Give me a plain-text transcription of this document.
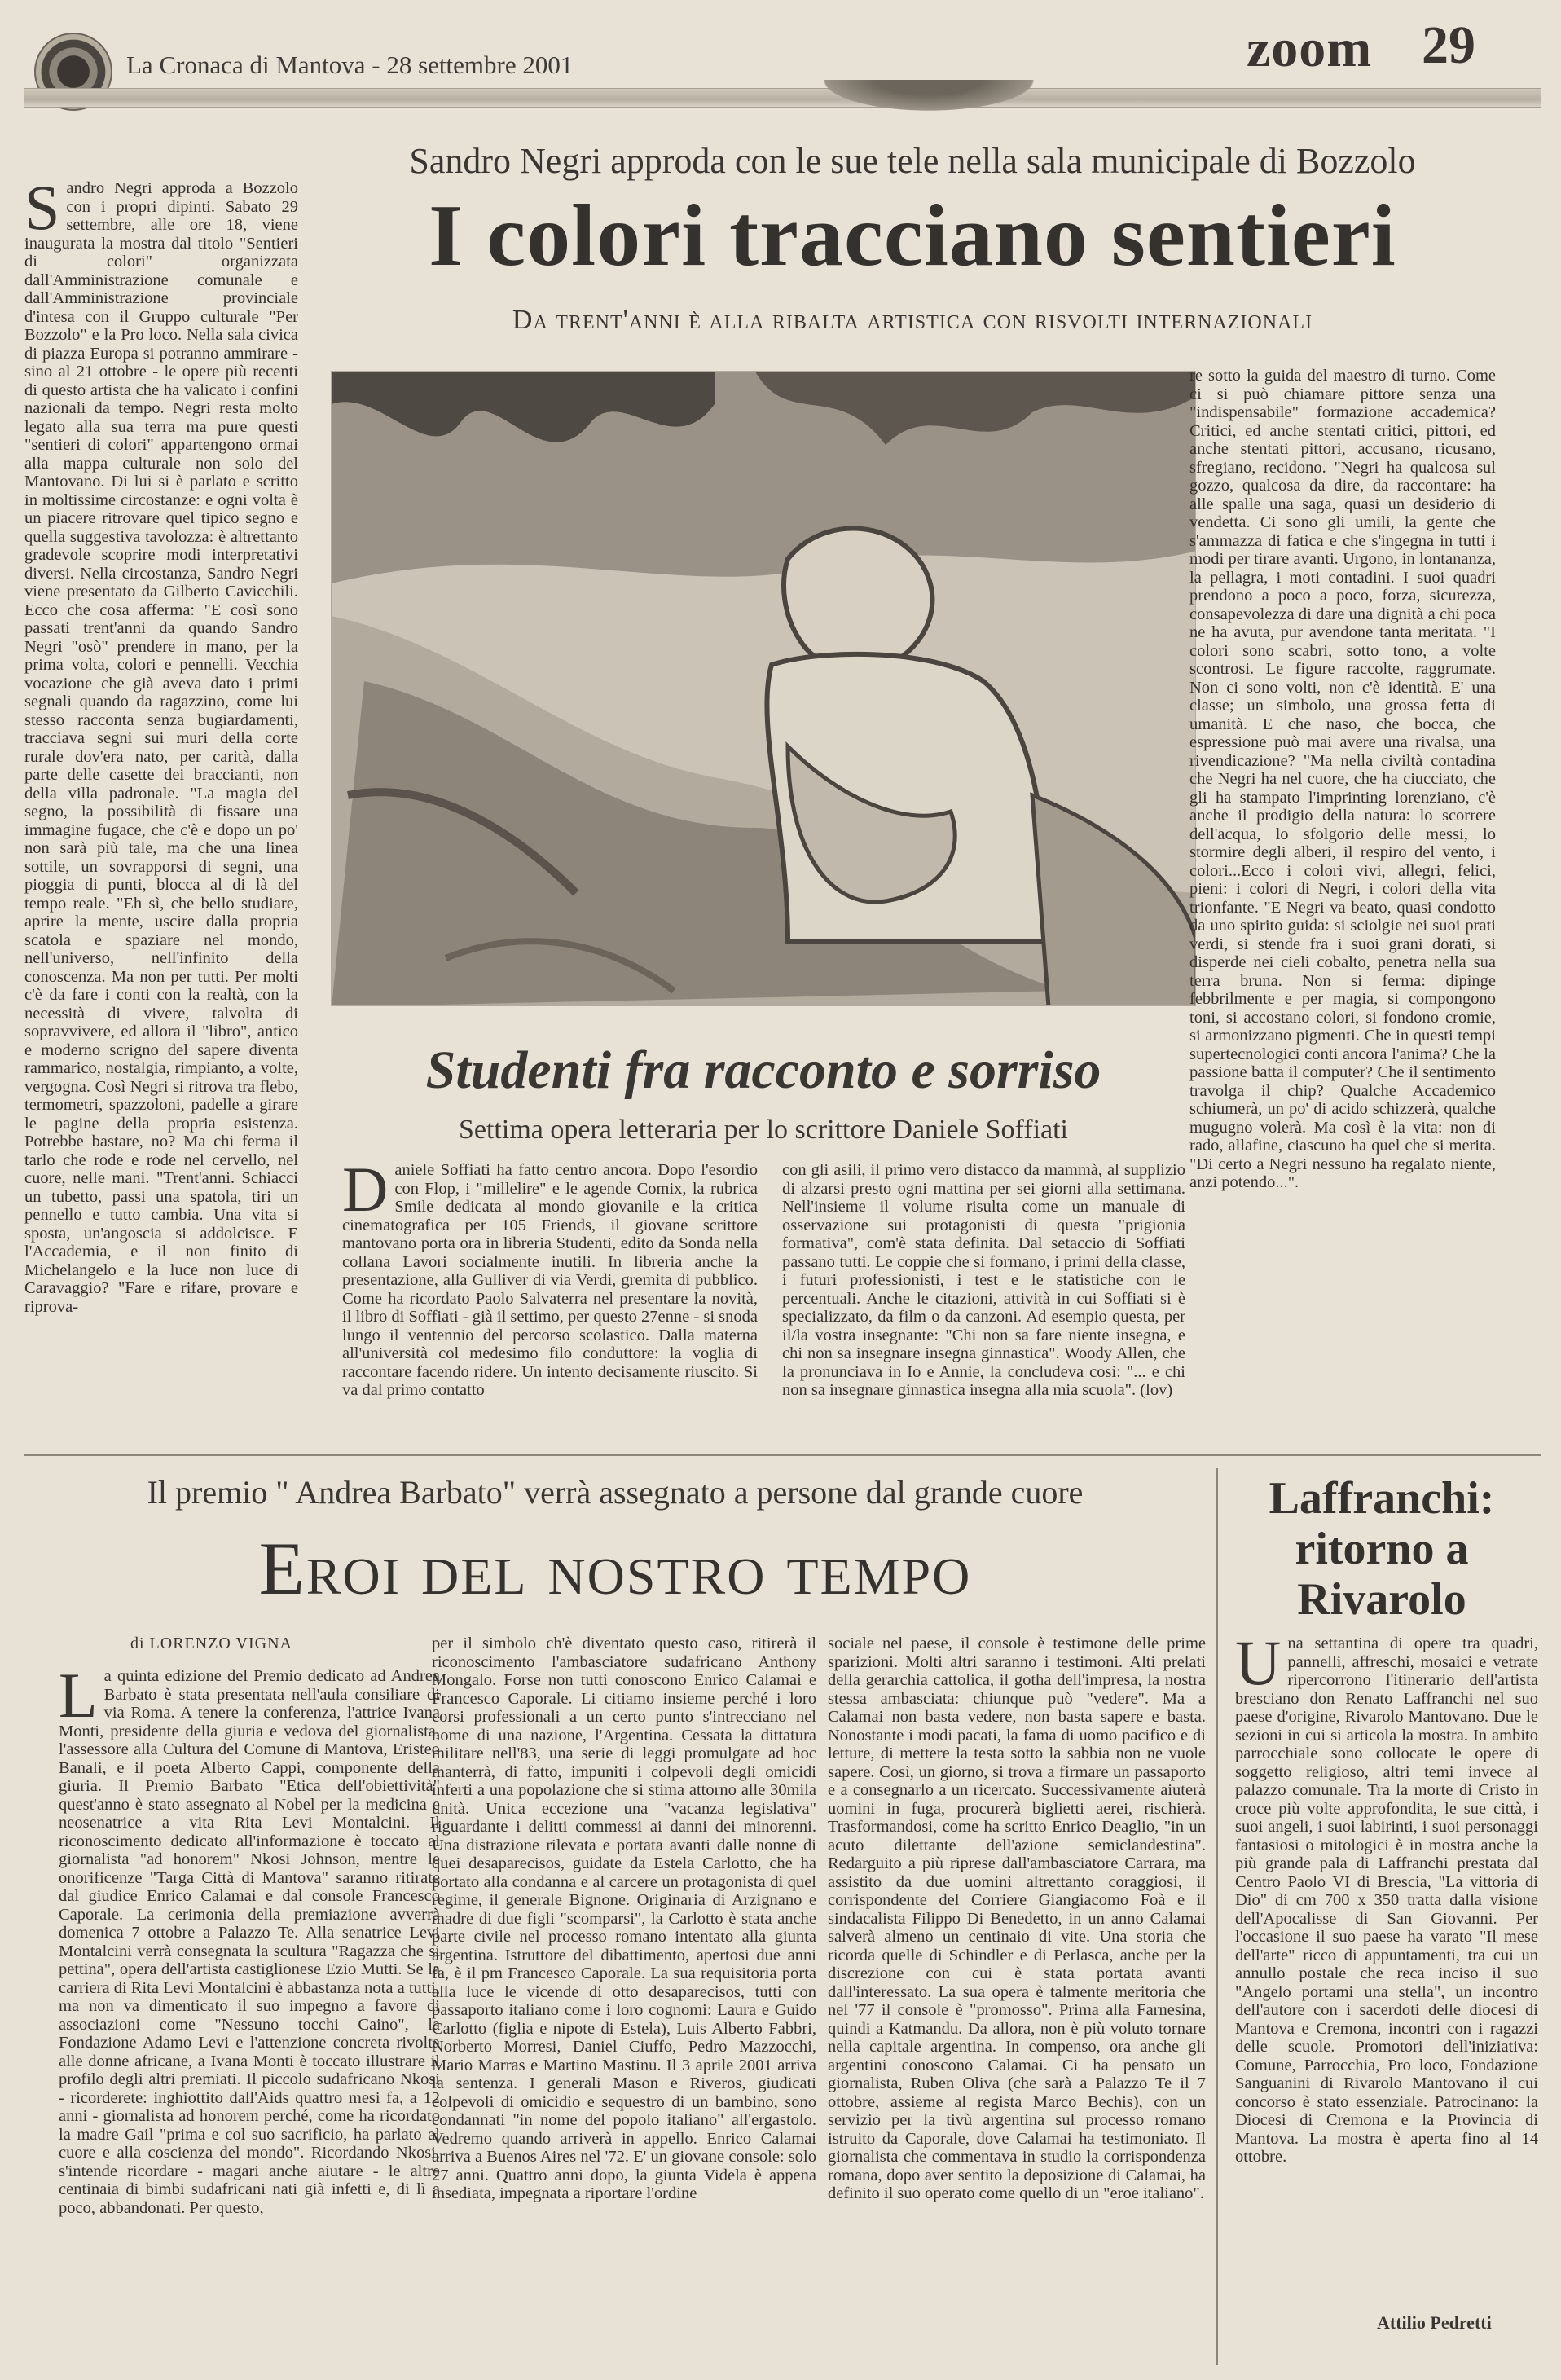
La Cronaca di Mantova - 28 settembre 2001	zoom 29
Sandro Negri approda con le sue tele nella sala municipale di Bozzolo
I colori tracciano sentieri
Da trent'anni è alla ribalta artistica con risvolti internazionali
Sandro Negri approda a Bozzolo con i propri dipinti. Sabato 29 settembre, alle ore 18, viene inaugurata la mostra dal titolo "Sentieri di colori" organizzata dall'Amministrazione comunale e dall'Amministrazione provinciale d'intesa con il Gruppo culturale "Per Bozzolo" e la Pro loco. Nella sala civica di piazza Europa si potranno ammirare - sino al 21 ottobre - le opere più recenti di questo artista che ha valicato i confini nazionali da tempo. Negri resta molto legato alla sua terra ma pure questi "sentieri di colori" appartengono ormai alla mappa culturale non solo del Mantovano. Di lui si è parlato e scritto in moltissime circostanze: e ogni volta è un piacere ritrovare quel tipico segno e quella suggestiva tavolozza: è altrettanto gradevole scoprire modi interpretativi diversi. Nella circostanza, Sandro Negri viene presentato da Gilberto Cavicchili. Ecco che cosa afferma: "E così sono passati trent'anni da quando Sandro Negri "osò" prendere in mano, per la prima volta, colori e pennelli. Vecchia vocazione che già aveva dato i primi segnali quando da ragazzino, come lui stesso racconta senza bugiardamenti, tracciava segni sui muri della corte rurale dov'era nato, per carità, dalla parte delle casette dei braccianti, non della villa padronale. "La magia del segno, la possibilità di fissare una immagine fugace, che c'è e dopo un po' non sarà più tale, ma che una linea sottile, un sovrapporsi di segni, una pioggia di punti, blocca al di là del tempo reale. "Eh sì, che bello studiare, aprire la mente, uscire dalla propria scatola e spaziare nel mondo, nell'universo, nell'infinito della conoscenza. Ma non per tutti. Per molti c'è da fare i conti con la realtà, con la necessità di vivere, talvolta di sopravvivere, ed allora il "libro", antico e moderno scrigno del sapere diventa rammarico, nostalgia, rimpianto, a volte, vergogna. Così Negri si ritrova tra flebo, termometri, spazzoloni, padelle a girare le pagine della propria esistenza. Potrebbe bastare, no? Ma chi ferma il tarlo che rode e rode nel cervello, nel cuore, nelle mani. "Trent'anni. Schiacci un tubetto, passi una spatola, tiri un pennello e tutto cambia. Una vita si sposta, un'angoscia si addolcisce. E l'Accademia, e il non finito di Michelangelo e la luce non luce di Caravaggio? "Fare e rifare, provare e riprova-
re sotto la guida del maestro di turno. Come ci si può chiamare pittore senza una "indispensabile" formazione accademica? Critici, ed anche stentati critici, pittori, ed anche stentati pittori, accusano, ricusano, sfregiano, recidono. "Negri ha qualcosa sul gozzo, qualcosa da dire, da raccontare: ha alle spalle una saga, quasi un desiderio di vendetta. Ci sono gli umili, la gente che s'ammazza di fatica e che s'ingegna in tutti i modi per tirare avanti. Urgono, in lontananza, la pellagra, i moti contadini. I suoi quadri prendono a poco a poco, forza, sicurezza, consapevolezza di dare una dignità a chi poca ne ha avuta, pur avendone tanta meritata. "I colori sono scabri, sotto tono, a volte scontrosi. Le figure raccolte, raggrumate. Non ci sono volti, non c'è identità. E' una classe; un simbolo, una grossa fetta di umanità. E che naso, che bocca, che espressione può mai avere una rivalsa, una rivendicazione? "Ma nella civiltà contadina che Negri ha nel cuore, che ha ciucciato, che gli ha stampato l'imprinting lorenziano, c'è anche il prodigio della natura: lo scorrere dell'acqua, lo sfolgorio delle messi, lo stormire degli alberi, il respiro del vento, i colori...Ecco i colori vivi, allegri, felici, pieni: i colori di Negri, i colori della vita trionfante. "E Negri va beato, quasi condotto da uno spirito guida: si sciolgie nei suoi prati verdi, si stende fra i suoi grani dorati, si disperde nei cieli cobalto, penetra nella sua terra bruna. Non si ferma: dipinge febbrilmente e per magia, si compongono toni, si accostano colori, si fondono cromie, si armonizzano pigmenti. Che in questi tempi supertecnologici conti ancora l'anima? Che la passione batta il computer? Che il sentimento travolga il chip? Qualche Accademico schiumerà, un po' di acido schizzerà, qualche mugugno volerà. Ma così è la vita: non di rado, allafine, ciascuno ha quel che si merita. "Di certo a Negri nessuno ha regalato niente, anzi potendo...".
Studenti fra racconto e sorriso
Settima opera letteraria per lo scrittore Daniele Soffiati
Daniele Soffiati ha fatto centro ancora. Dopo l'esordio con Flop, i "millelire" e le agende Comix, la rubrica Smile dedicata al mondo giovanile e la critica cinematografica per 105 Friends, il giovane scrittore mantovano porta ora in libreria Studenti, edito da Sonda nella collana Lavori socialmente inutili. In libreria anche la presentazione, alla Gulliver di via Verdi, gremita di pubblico. Come ha ricordato Paolo Salvaterra nel presentare la novità, il libro di Soffiati - già il settimo, per questo 27enne - si snoda lungo il ventennio del percorso scolastico. Dalla materna all'università col medesimo filo conduttore: la voglia di raccontare facendo ridere. Un intento decisamente riuscito. Si va dal primo contatto
con gli asili, il primo vero distacco da mammà, al supplizio di alzarsi presto ogni mattina per sei giorni alla settimana. Nell'insieme il volume risulta come un manuale di osservazione sui protagonisti di questa "prigionia formativa", com'è stata definita. Dal setaccio di Soffiati passano tutti. Le coppie che si formano, i primi della classe, i futuri professionisti, i test e le statistiche con le percentuali. Anche le citazioni, attività in cui Soffiati si è specializzato, da film o da canzoni. Ad esempio questa, per il/la vostra insegnante: "Chi non sa fare niente insegna, e chi non sa insegnare insegna ginnastica". Woody Allen, che la pronunciava in Io e Annie, la concludeva così: "... e chi non sa insegnare ginnastica insegna alla mia scuola". (lov)
Il premio " Andrea Barbato" verrà assegnato a persone dal grande cuore
Eroi del nostro tempo
di LORENZO VIGNA
La quinta edizione del Premio dedicato ad Andrea Barbato è stata presentata nell'aula consiliare di via Roma. A tenere la conferenza, l'attrice Ivana Monti, presidente della giuria e vedova del giornalista, l'assessore alla Cultura del Comune di Mantova, Eristeo Banali, e il poeta Alberto Cappi, componente della giuria. Il Premio Barbato "Etica dell'obiettività" quest'anno è stato assegnato al Nobel per la medicina e neosenatrice a vita Rita Levi Montalcini. Il riconoscimento dedicato all'informazione è toccato al giornalista "ad honorem" Nkosi Johnson, mentre le onorificenze "Targa Città di Mantova" saranno ritirate dal giudice Enrico Calamai e dal console Francesco Caporale. La cerimonia della premiazione avverrà domenica 7 ottobre a Palazzo Te. Alla senatrice Levi Montalcini verrà consegnata la scultura "Ragazza che si pettina", opera dell'artista castiglionese Ezio Mutti. Se la carriera di Rita Levi Montalcini è abbastanza nota a tutti, ma non va dimenticato il suo impegno a favore di associazioni come "Nessuno tocchi Caino", la Fondazione Adamo Levi e l'attenzione concreta rivolta alle donne africane, a Ivana Monti è toccato illustrare il profilo degli altri premiati. Il piccolo sudafricano Nkosi - ricorderete: inghiottito dall'Aids quattro mesi fa, a 12 anni - giornalista ad honorem perché, come ha ricordato la madre Gail "prima e col suo sacrificio, ha parlato al cuore e alla coscienza del mondo". Ricordando Nkosi, s'intende ricordare - magari anche aiutare - le altre centinaia di bimbi sudafricani nati già infetti e, di lì a poco, abbandonati. Per questo,
per il simbolo ch'è diventato questo caso, ritirerà il riconoscimento l'ambasciatore sudafricano Anthony Mongalo. Forse non tutti conoscono Enrico Calamai e Francesco Caporale. Li citiamo insieme perché i loro corsi professionali a un certo punto s'intrecciano nel nome di una nazione, l'Argentina. Cessata la dittatura militare nell'83, una serie di leggi promulgate ad hoc manterrà, di fatto, impuniti i colpevoli degli omicidi inferti a una popolazione che si stima attorno alle 30mila unità. Unica eccezione una "vacanza legislativa" riguardante i delitti commessi ai danni dei minorenni. Una distrazione rilevata e portata avanti dalle nonne di quei desaparecisos, guidate da Estela Carlotto, che ha portato alla condanna e al carcere un protagonista di quel regime, il generale Bignone. Originaria di Arzignano e madre di due figli "scomparsi", la Carlotto è stata anche parte civile nel processo romano intentato alla giunta argentina. Istruttore del dibattimento, apertosi due anni fa, è il pm Francesco Caporale. La sua requisitoria porta alla luce le vicende di otto desaparecisos, tutti con passaporto italiano come i loro cognomi: Laura e Guido Carlotto (figlia e nipote di Estela), Luis Alberto Fabbri, Norberto Morresi, Daniel Ciuffo, Pedro Mazzocchi, Mario Marras e Martino Mastinu. Il 3 aprile 2001 arriva la sentenza. I generali Mason e Riveros, giudicati colpevoli di omicidio e sequestro di un bambino, sono condannati "in nome del popolo italiano" all'ergastolo. Vedremo quando arriverà in appello. Enrico Calamai arriva a Buenos Aires nel '72. E' un giovane console: solo 27 anni. Quattro anni dopo, la giunta Videla è appena insediata, impegnata a riportare l'ordine
sociale nel paese, il console è testimone delle prime sparizioni. Molti altri saranno i testimoni. Alti prelati della gerarchia cattolica, il gotha dell'impresa, la nostra stessa ambasciata: chiunque può "vedere". Ma a Calamai non basta vedere, non basta sapere e basta. Nonostante i modi pacati, la fama di uomo pacifico e di letture, di mettere la testa sotto la sabbia non ne vuole sapere. Così, un giorno, si trova a firmare un passaporto e a consegnarlo a un ricercato. Successivamente aiuterà uomini in fuga, procurerà biglietti aerei, rischierà. Trasformandosi, come ha scritto Enrico Deaglio, "in un acuto dilettante dell'azione semiclandestina". Redarguito a più riprese dall'ambasciatore Carrara, ma assistito da due uomini altrettanto coraggiosi, il corrispondente del Corriere Giangiacomo Foà e il sindacalista Filippo Di Benedetto, in un anno Calamai salverà almeno un centinaio di vite. Una storia che ricorda quelle di Schindler e di Perlasca, anche per la discrezione con cui è stata portata avanti dall'interessato. La sua opera è talmente meritoria che nel '77 il console è "promosso". Prima alla Farnesina, quindi a Katmandu. Da allora, non è più voluto tornare nella capitale argentina. In compenso, ora anche gli argentini conoscono Calamai. Ci ha pensato un giornalista, Ruben Oliva (che sarà a Palazzo Te il 7 ottobre, assieme al regista Marco Bechis), con un servizio per la tivù argentina sul processo romano istruito da Caporale, dove Calamai ha testimoniato. Il giornalista che commentava in studio la corrispondenza romana, dopo aver sentito la deposizione di Calamai, ha definito il suo operato come quello di un "eroe italiano".
Laffranchi: ritorno a Rivarolo
Una settantina di opere tra quadri, pannelli, affreschi, mosaici e vetrate ripercorrono l'itinerario dell'artista bresciano don Renato Laffranchi nel suo paese d'origine, Rivarolo Mantovano. Due le sezioni in cui si articola la mostra. In ambito parrocchiale sono collocate le opere di soggetto religioso, altri temi invece al palazzo comunale. Tra la morte di Cristo in croce più volte approfondita, le sue città, i suoi angeli, i suoi labirinti, i suoi personaggi fantasiosi o mitologici è in mostra anche la più grande pala di Laffranchi prestata dal Centro Paolo VI di Brescia, "La vittoria di Dio" di cm 700 x 350 tratta dalla visione dell'Apocalisse di San Giovanni. Per l'occasione il suo paese ha varato "Il mese dell'arte" ricco di appuntamenti, tra cui un annullo postale che reca inciso il suo "Angelo portami una stella", un incontro dell'autore con i sacerdoti delle diocesi di Mantova e Cremona, incontri con i ragazzi delle scuole. Promotori dell'iniziativa: Comune, Parrocchia, Pro loco, Fondazione Sanguanini di Rivarolo Mantovano il cui concorso è stato essenziale. Patrocinano: la Diocesi di Cremona e la Provincia di Mantova. La mostra è aperta fino al 14 ottobre.
Attilio Pedretti
